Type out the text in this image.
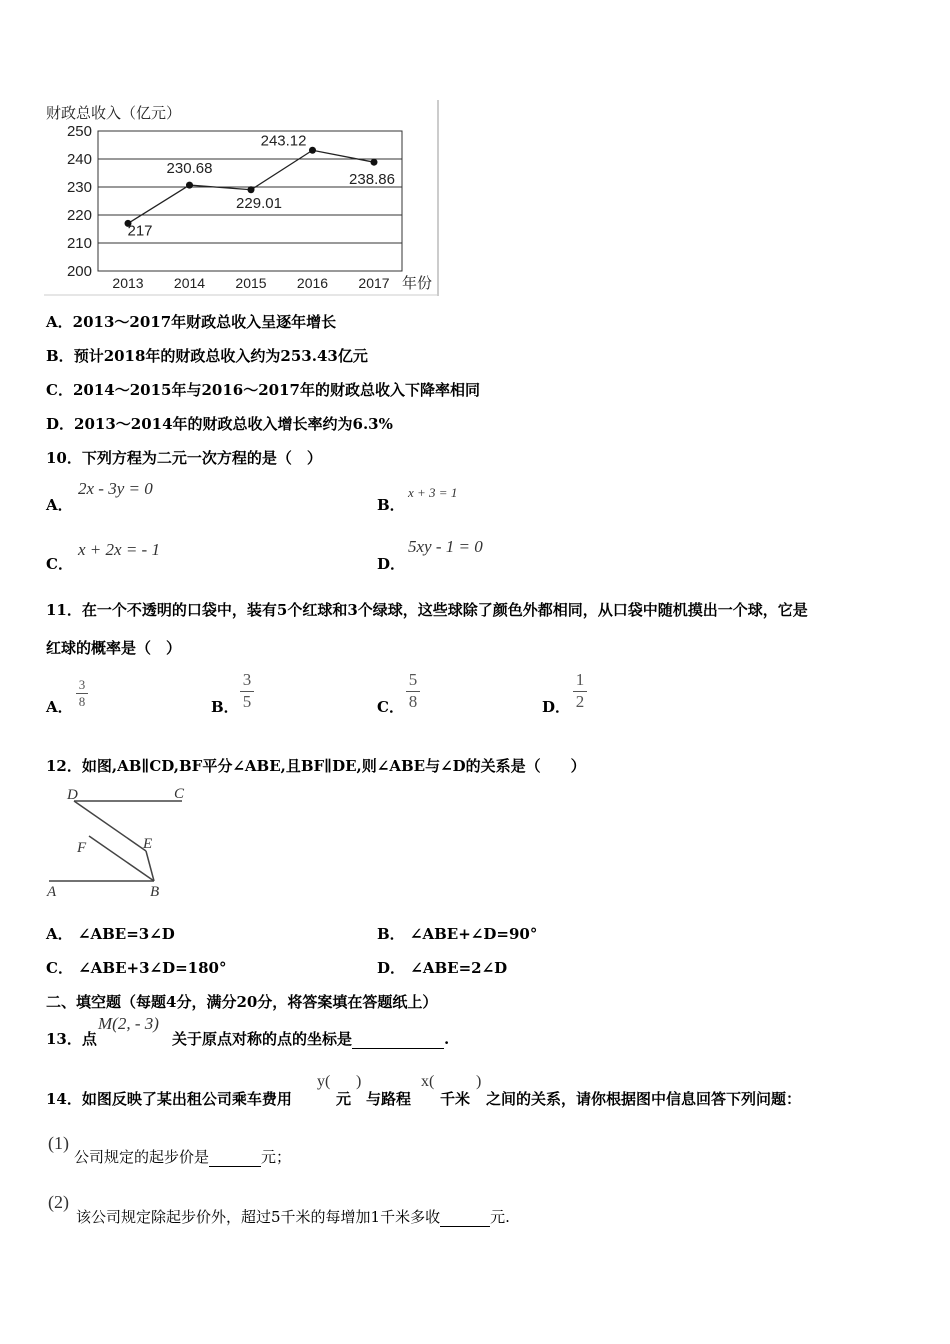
财政总收入（亿元）
年份
250
240
230
220
210
200
2013 2014 2015 2016 2017
217
230.68
229.01
243.12
238.86
A．2013～2017年财政总收入呈逐年增长
B．预计2018年的财政总收入约为253.43亿元
C．2014～2015年与2016～2017年的财政总收入下降率相同
D．2013～2014年的财政总收入增长率约为6.3%
10．下列方程为二元一次方程的是（　）
A．
2x - 3y = 0
B．
x + 3 = 1
C．
x + 2x = - 1
D．
5xy - 1 = 0
11．在一个不透明的口袋中，装有5个红球和3个绿球，这些球除了颜色外都相同，从口袋中随机摸出一个球，它是
红球的概率是（　）
A．
3
8	B．
3
5	C．
5
8	D．
1
2
12．如图,AB∥CD,BF平分∠ABE,且BF∥DE,则∠ABE与∠D的关系是（　　）
D	C
E
F
A	B
A． ∠ABE=3∠D	B． ∠ABE+∠D=90°
C． ∠ABE+3∠D=180°	D． ∠ABE=2∠D
二、填空题（每题4分，满分20分，将答案填在答题纸上）
13．点
M(2, - 3)
关于原点对称的点的坐标是	.
14．如图反映了某出租公司乘车费用
y(
元
)
与路程
x(
千米
)
之间的关系，请你根据图中信息回答下列问题：
(1)
公司规定的起步价是	元；
(2)
该公司规定除起步价外，超过5千米的每增加1千米多收	元.
